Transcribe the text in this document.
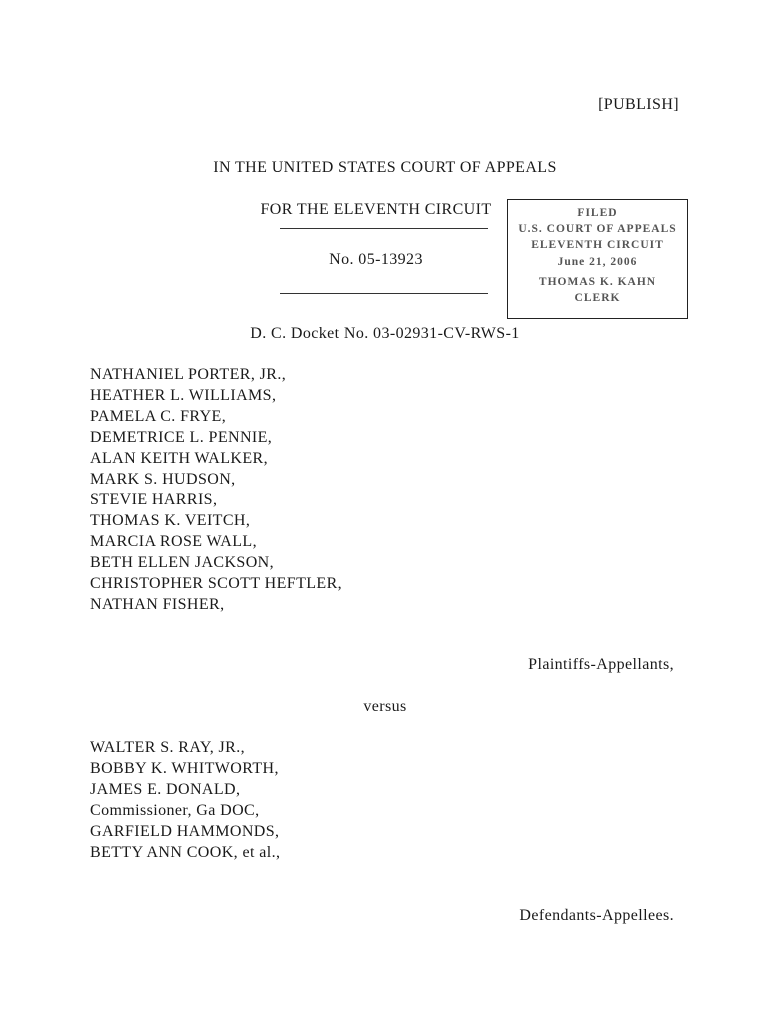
[PUBLISH]
IN THE UNITED STATES COURT OF APPEALS
FOR THE ELEVENTH CIRCUIT
No. 05-13923
FILED
U.S. COURT OF APPEALS
ELEVENTH CIRCUIT
June 21, 2006
THOMAS K. KAHN
CLERK
D. C. Docket No. 03-02931-CV-RWS-1
NATHANIEL PORTER, JR.,
HEATHER L. WILLIAMS,
PAMELA C. FRYE,
DEMETRICE L. PENNIE,
ALAN KEITH WALKER,
MARK S. HUDSON,
STEVIE HARRIS,
THOMAS K. VEITCH,
MARCIA ROSE WALL,
BETH ELLEN JACKSON,
CHRISTOPHER SCOTT HEFTLER,
NATHAN FISHER,
Plaintiffs-Appellants,
versus
WALTER S. RAY, JR.,
BOBBY K. WHITWORTH,
JAMES E. DONALD,
Commissioner, Ga DOC,
GARFIELD HAMMONDS,
BETTY ANN COOK, et al.,
Defendants-Appellees.
